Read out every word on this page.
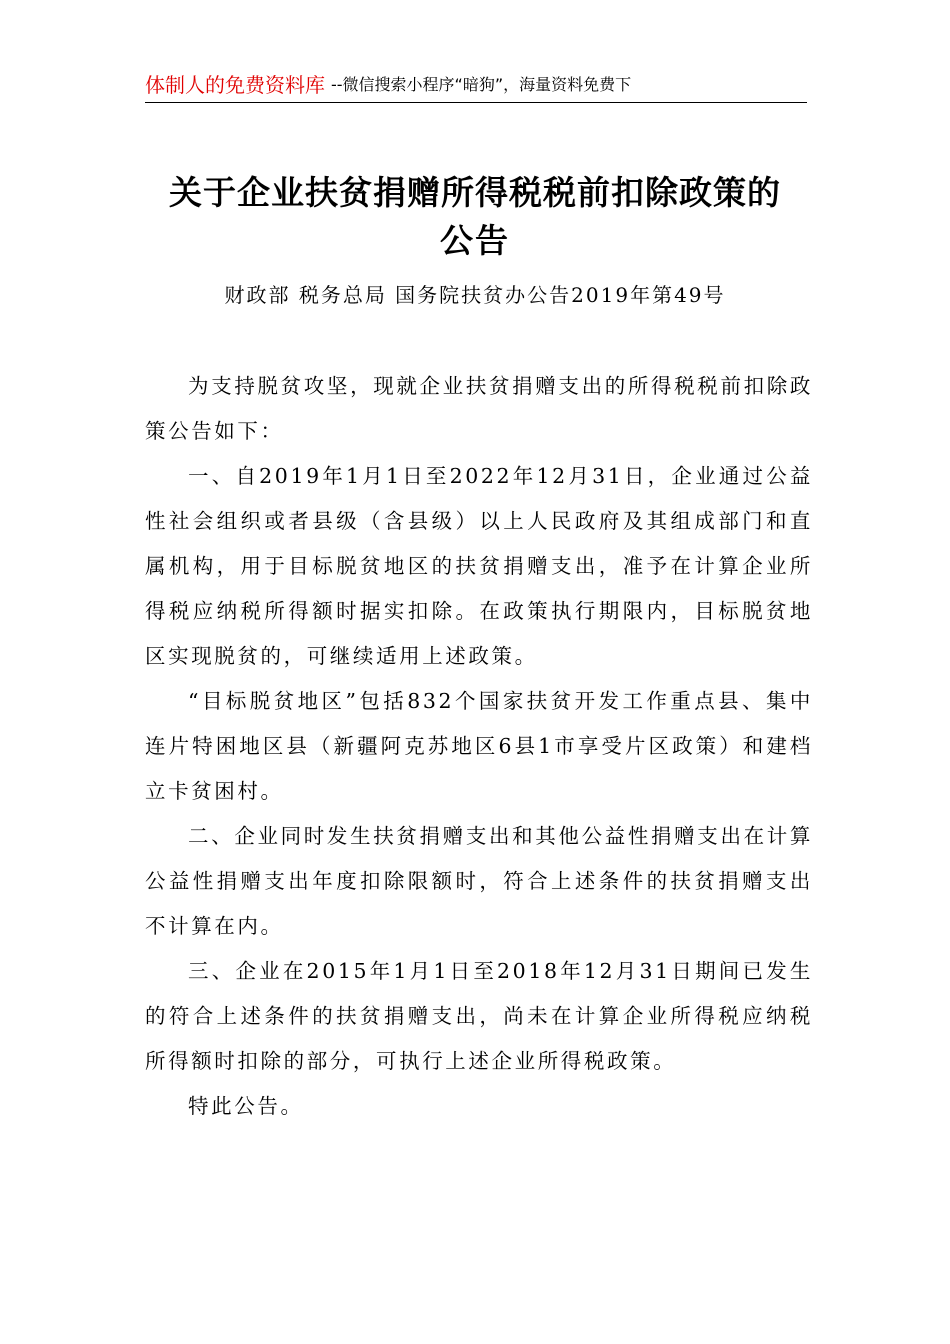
体制人的免费资料库 --微信搜索小程序“暗狗”，海量资料免费下
关于企业扶贫捐赠所得税税前扣除政策的
公告
财政部 税务总局 国务院扶贫办公告2019年第49号

为支持脱贫攻坚，现就企业扶贫捐赠支出的所得税税前扣除政策公告如下：

一、自2019年1月1日至2022年12月31日，企业通过公益性社会组织或者县级（含县级）以上人民政府及其组成部门和直属机构，用于目标脱贫地区的扶贫捐赠支出，准予在计算企业所得税应纳税所得额时据实扣除。在政策执行期限内，目标脱贫地区实现脱贫的，可继续适用上述政策。

“目标脱贫地区”包括832个国家扶贫开发工作重点县、集中连片特困地区县（新疆阿克苏地区6县1市享受片区政策）和建档立卡贫困村。

二、企业同时发生扶贫捐赠支出和其他公益性捐赠支出在计算公益性捐赠支出年度扣除限额时，符合上述条件的扶贫捐赠支出不计算在内。

三、企业在2015年1月1日至2018年12月31日期间已发生的符合上述条件的扶贫捐赠支出，尚未在计算企业所得税应纳税所得额时扣除的部分，可执行上述企业所得税政策。

特此公告。
